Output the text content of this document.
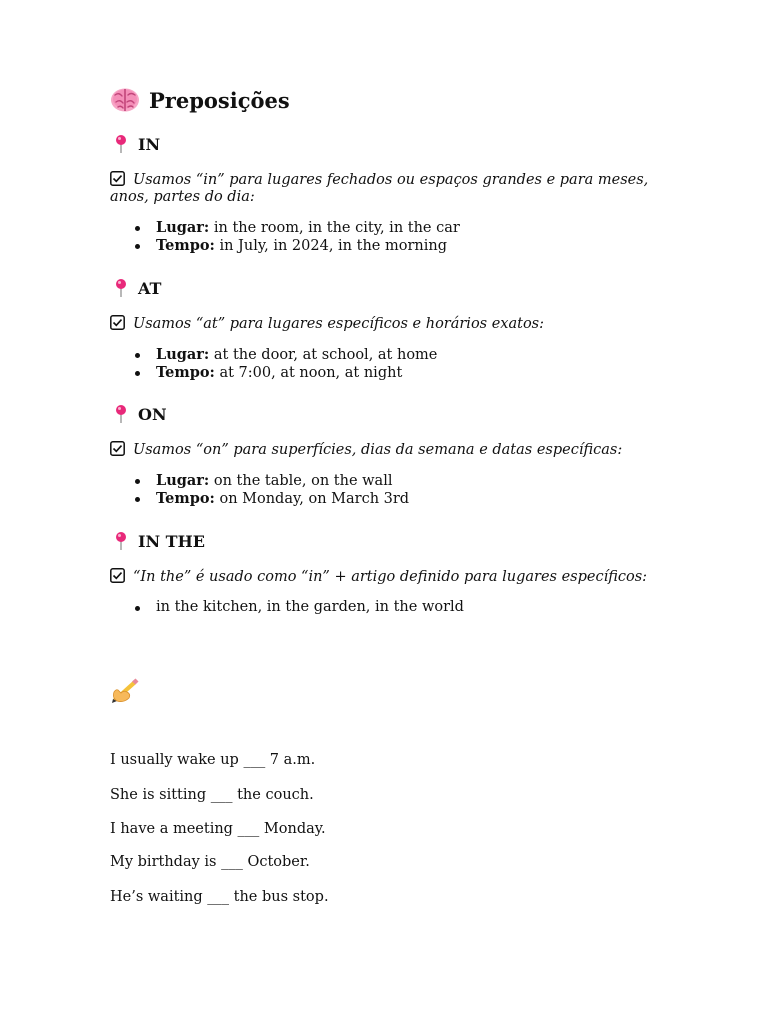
Preposições
IN
Usamos “in” para lugares fechados ou espaços grandes e para meses, anos, partes do dia:
Lugar: in the room, in the city, in the car
Tempo: in July, in 2024, in the morning
AT
Usamos “at” para lugares específicos e horários exatos:
Lugar: at the door, at school, at home
Tempo: at 7:00, at noon, at night
ON
Usamos “on” para superfícies, dias da semana e datas específicas:
Lugar: on the table, on the wall
Tempo: on Monday, on March 3rd
IN THE
“In the” é usado como “in” + artigo definido para lugares específicos:
in the kitchen, in the garden, in the world
I usually wake up ___ 7 a.m.
She is sitting ___ the couch.
I have a meeting ___ Monday.
My birthday is ___ October.
He’s waiting ___ the bus stop.
